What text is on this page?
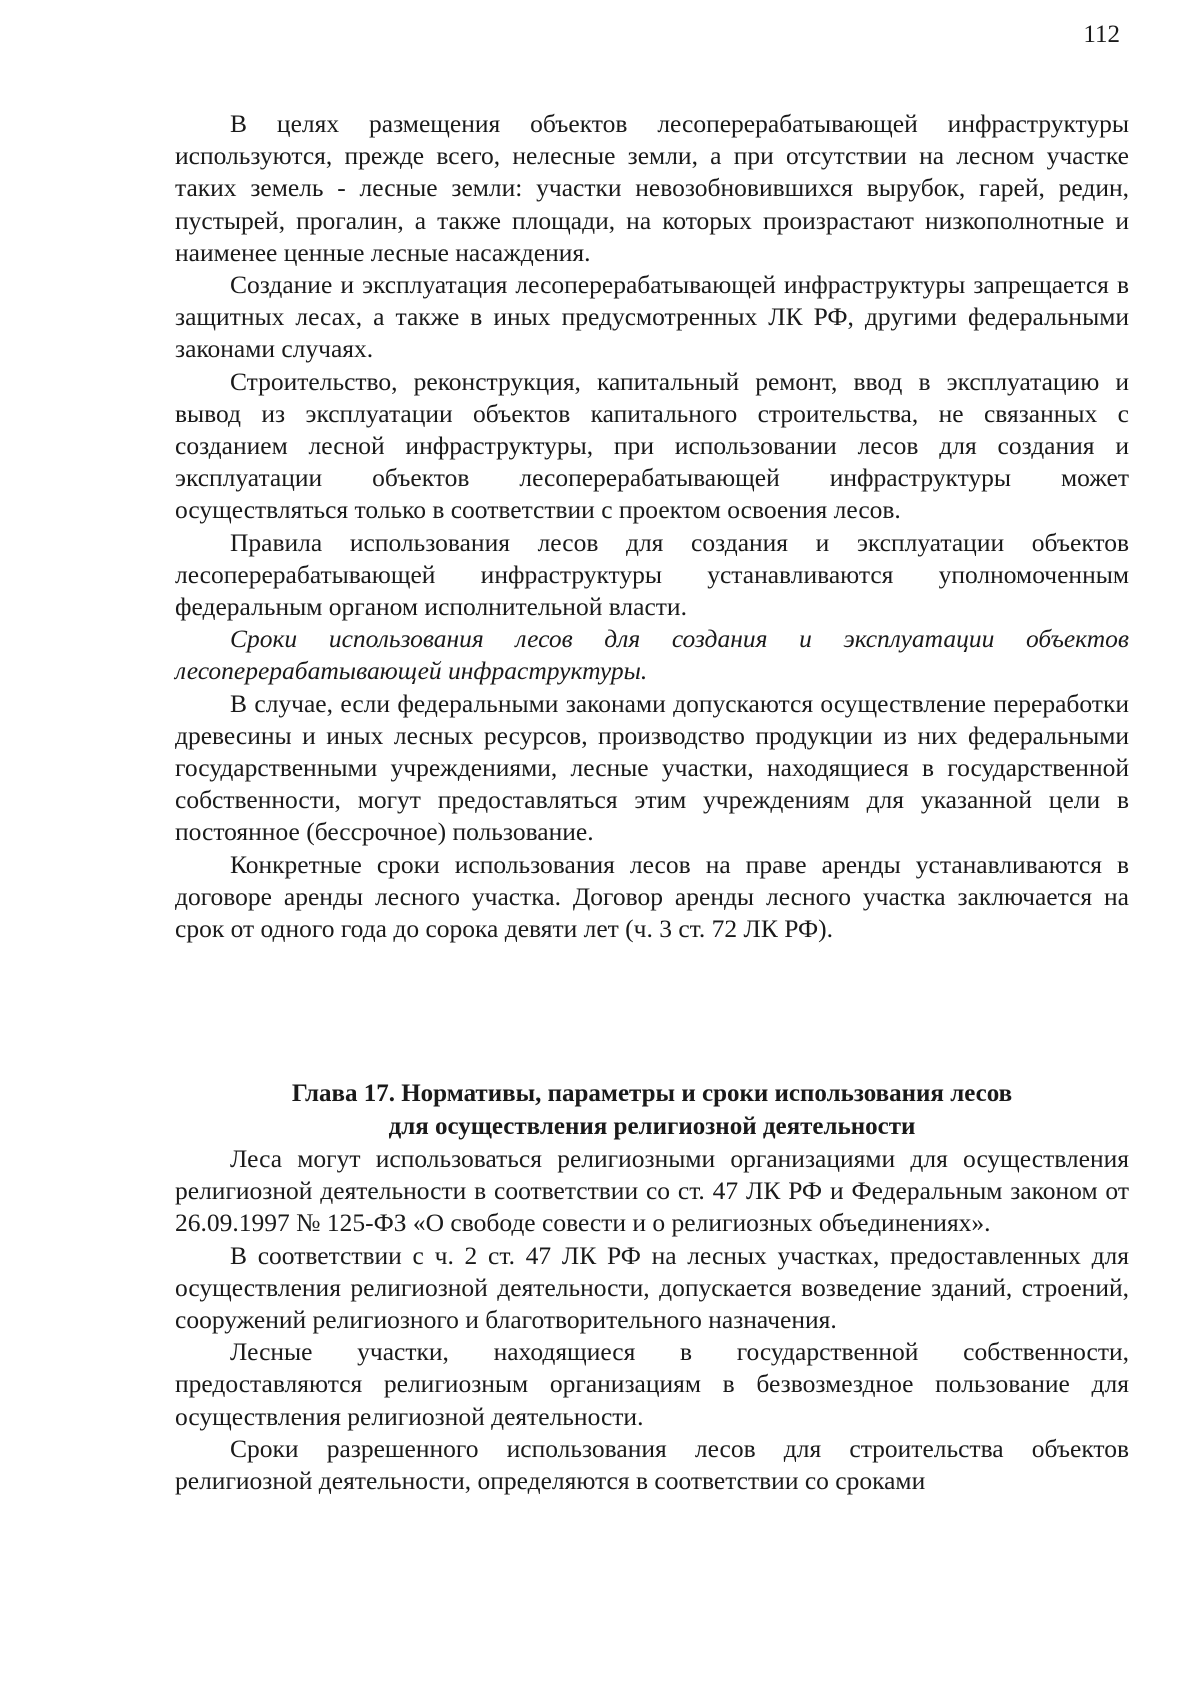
112

В целях размещения объектов лесоперерабатывающей инфраструктуры используются, прежде всего, нелесные земли, а при отсутствии на лесном участке таких земель - лесные земли: участки невозобновившихся вырубок, гарей, редин, пустырей, прогалин, а также площади, на которых произрастают низкополнотные и наименее ценные лесные насаждения.

Создание и эксплуатация лесоперерабатывающей инфраструктуры запрещается в защитных лесах, а также в иных предусмотренных ЛК РФ, другими федеральными законами случаях.

Строительство, реконструкция, капитальный ремонт, ввод в эксплуатацию и вывод из эксплуатации объектов капитального строительства, не связанных с созданием лесной инфраструктуры, при использовании лесов для создания и эксплуатации объектов лесоперерабатывающей инфраструктуры может осуществляться только в соответствии с проектом освоения лесов.

Правила использования лесов для создания и эксплуатации объектов лесоперерабатывающей инфраструктуры устанавливаются уполномоченным федеральным органом исполнительной власти.

Сроки использования лесов для создания и эксплуатации объектов лесоперерабатывающей инфраструктуры.

В случае, если федеральными законами допускаются осуществление переработки древесины и иных лесных ресурсов, производство продукции из них федеральными государственными учреждениями, лесные участки, находящиеся в государственной собственности, могут предоставляться этим учреждениям для указанной цели в постоянное (бессрочное) пользование.

Конкретные сроки использования лесов на праве аренды устанавливаются в договоре аренды лесного участка. Договор аренды лесного участка заключается на срок от одного года до сорока девяти лет (ч. 3 ст. 72 ЛК РФ).

Глава 17. Нормативы, параметры и сроки использования лесов
для осуществления религиозной деятельности

Леса могут использоваться религиозными организациями для осуществления религиозной деятельности в соответствии со ст. 47 ЛК РФ и Федеральным законом от 26.09.1997 № 125-ФЗ «О свободе совести и о религиозных объединениях».

В соответствии с ч. 2 ст. 47 ЛК РФ на лесных участках, предоставленных для осуществления религиозной деятельности, допускается возведение зданий, строений, сооружений религиозного и благотворительного назначения.

Лесные участки, находящиеся в государственной собственности, предоставляются религиозным организациям в безвозмездное пользование для осуществления религиозной деятельности.

Сроки разрешенного использования лесов для строительства объектов религиозной деятельности, определяются в соответствии со сроками
